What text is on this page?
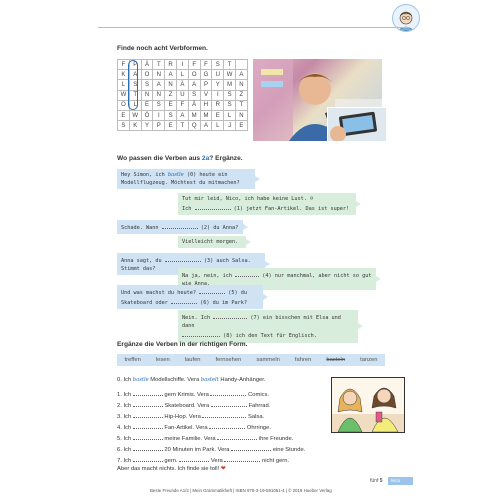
Finde noch acht Verbformen.
F	P	Ä	T	R	I	F	F	S	T	
K	A	O	N	A	L	O	G	U	W	A
L	S	S	A	N	Ä	A	P	Y	M	N
W	T	N	N	Z	U	S	V	I	S	Z
O	L	E	S	E	F	Ä	H	R	S	T
E	W	Ö	I	S	A	M	M	E	L	N
S	K	Y	P	E	T	Q	A	L	J	E
Wo passen die Verben aus 2a? Ergänze.
Hey Simon, ich bastle (0) heute ein
Modellflugzeug. Möchtest du mitmachen?
Tut mir leid, Nico, ich habe keine Lust. ☹
Ich	(1) jetzt Fan-Artikel. Das ist super!
Schade. Wann	(2) du Anna?
Vielleicht morgen.
Anna sagt, du	(3) auch Salsa. Stimmt das?
Na ja, nein, ich	(4) nur manchmal, aber nicht so gut
Und was machst du heute?	(5) du
Skateboard oder	(6) du im Park?
Nein. Ich	(7) ein bisschen mit Elsa und dann
(8) ich den Text für Englisch.
Ergänze die Verben in der richtigen Form.
treffen	lesen	laufen	fernsehen	sammeln	fahren	basteln	tanzen
0. Ich bastle Modellschiffe. Vera bastelt Handy-Anhänger.
1. Ich	gern Krimis. Vera	Comics.
2. Ich	Skateboard. Vera	Fahrrad.
3. Ich	Hip-Hop. Vera	Salsa.
4. Ich	Fan-Artikel. Vera	Ohrringe.
5. Ich	meine Familie. Vera	ihre Freunde.
6. Ich	20 Minuten im Park. Vera	eine Stunde.
7. Ich	gern.	Vera	nicht gern.
Aber das macht nichts. Ich finde sie toll! ❤
fünf 5	Nico
Beste Freunde A1/2 | Mein Grammatikheft | ISBN 978-3-19-591051-4 | © 2019 Hueber Verlag
